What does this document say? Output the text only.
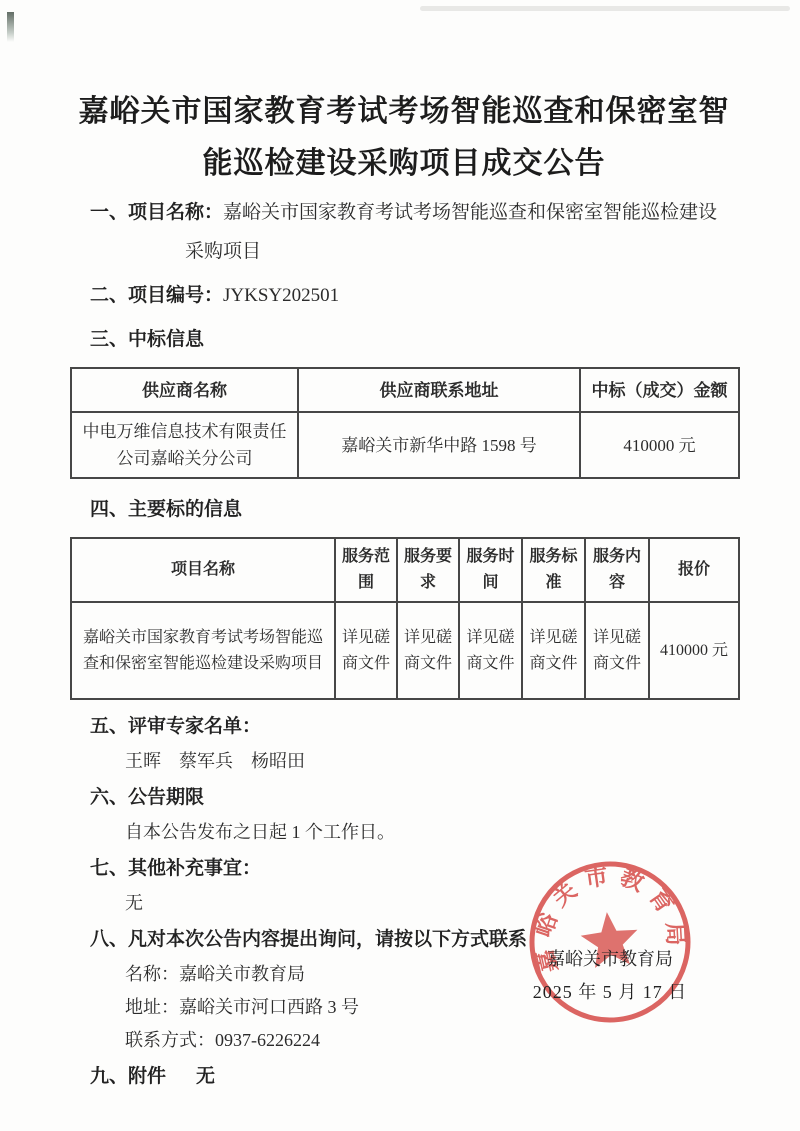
嘉峪关市国家教育考试考场智能巡查和保密室智
能巡检建设采购项目成交公告
一、项目名称：嘉峪关市国家教育考试考场智能巡查和保密室智能巡检建设
采购项目
二、项目编号：JYKSY202501
三、中标信息
供应商名称	供应商联系地址	中标（成交）金额
中电万维信息技术有限责任公司嘉峪关分公司	嘉峪关市新华中路 1598 号	410000 元
四、主要标的信息
项目名称	服务范围	服务要求	服务时间	服务标准	服务内容	报价
嘉峪关市国家教育考试考场智能巡查和保密室智能巡检建设采购项目	详见磋商文件	详见磋商文件	详见磋商文件	详见磋商文件	详见磋商文件	410000 元
五、评审专家名单：
王晖　蔡军兵　杨昭田
六、公告期限
自本公告发布之日起 1 个工作日。
七、其他补充事宜：
无
八、凡对本次公告内容提出询问，请按以下方式联系
名称：嘉峪关市教育局
地址：嘉峪关市河口西路 3 号
联系方式：0937-6226224
九、附件 无
嘉峪关市教育局
嘉峪关市教育局
2025 年 5 月 17 日
